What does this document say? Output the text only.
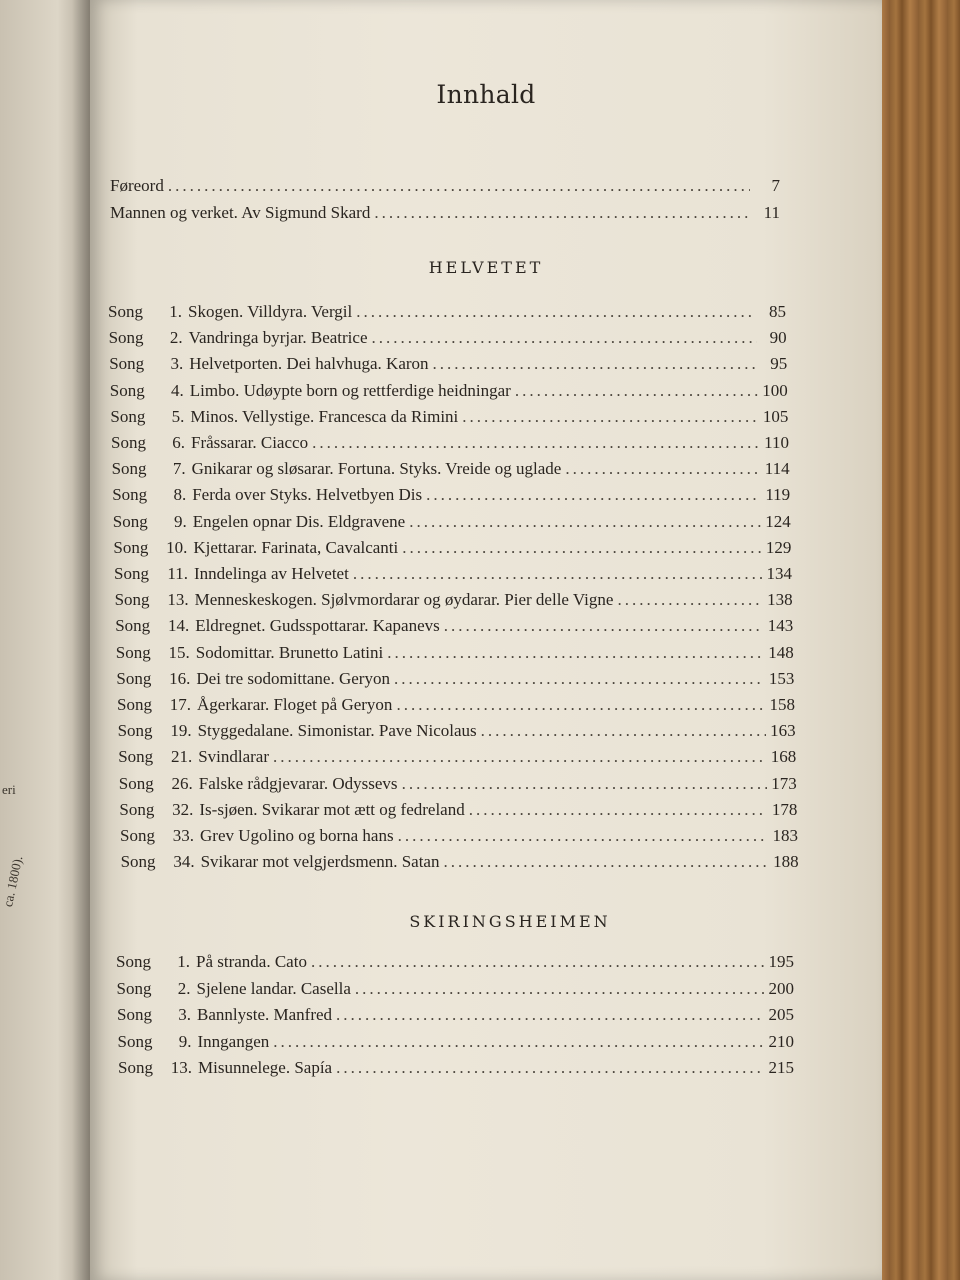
eri
ca. 1800).
Innhald
Føreord .....	7
Mannen og verket. Av Sigmund Skard .....	11
HELVETET
Song	1. Skogen. Villdyra. Vergil .....	85
Song	2. Vandringa byrjar. Beatrice .....	90
Song	3. Helvetporten. Dei halvhuga. Karon .....	95
Song	4. Limbo. Udøypte born og rettferdige heidningar .....	100
Song	5. Minos. Vellystige. Francesca da Rimini .....	105
Song	6. Fråssarar. Ciacco .....	110
Song	7. Gnikarar og sløsarar. Fortuna. Styks. Vreide og uglade .....	114
Song	8. Ferda over Styks. Helvetbyen Dis .....	119
Song	9. Engelen opnar Dis. Eldgravene .....	124
Song	10. Kjettarar. Farinata, Cavalcanti .....	129
Song	11. Inndelinga av Helvetet .....	134
Song	13. Menneskeskogen. Sjølvmordarar og øydarar. Pier delle Vigne .....	138
Song	14. Eldregnet. Gudsspottarar. Kapanevs .....	143
Song	15. Sodomittar. Brunetto Latini .....	148
Song	16. Dei tre sodomittane. Geryon .....	153
Song	17. Ågerkarar. Floget på Geryon .....	158
Song	19. Styggedalane. Simonistar. Pave Nicolaus .....	163
Song	21. Svindlarar .....	168
Song	26. Falske rådgjevarar. Odyssevs .....	173
Song	32. Is-sjøen. Svikarar mot ætt og fedreland .....	178
Song	33. Grev Ugolino og borna hans .....	183
Song	34. Svikarar mot velgjerdsmenn. Satan .....	188
SKIRINGSHEIMEN
Song	1. På stranda. Cato .....	195
Song	2. Sjelene landar. Casella .....	200
Song	3. Bannlyste. Manfred .....	205
Song	9. Inngangen .....	210
Song	13. Misunnelege. Sapía .....	215
